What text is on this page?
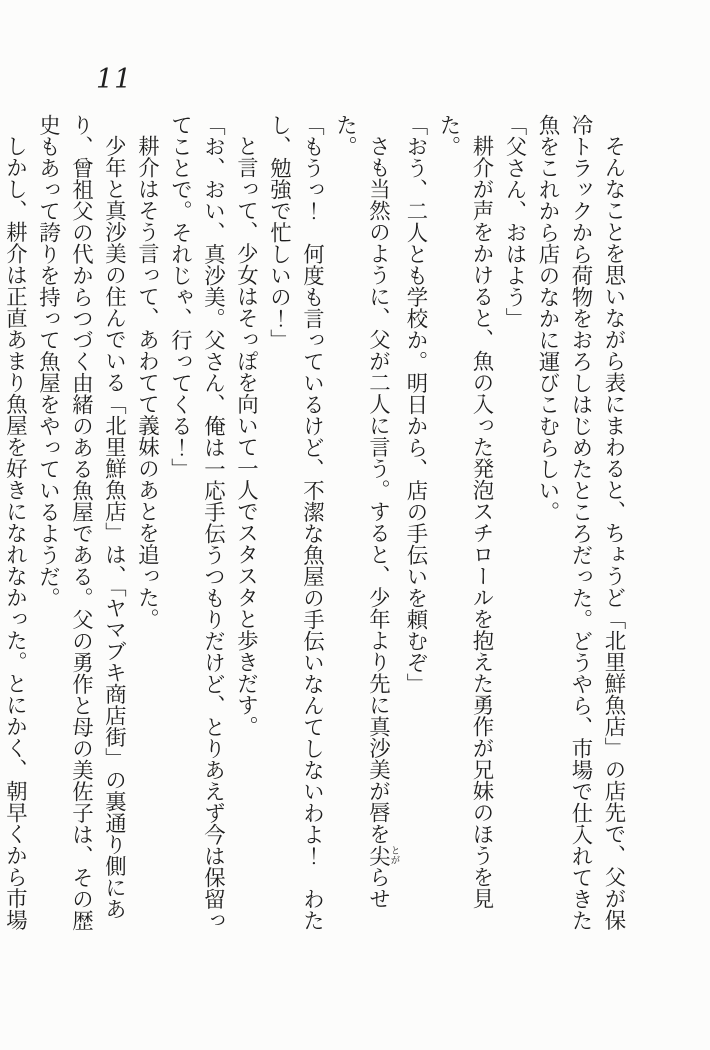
11
そんなことを思いながら表にまわると、ちょうど「北里鮮魚店」の店先で、父が保
冷トラックから荷物をおろしはじめたところだった。どうやら、市場で仕入れてきた
魚をこれから店のなかに運びこむらしい。
「父さん、おはよう」
耕介が声をかけると、魚の入った発泡スチロールを抱えた勇作が兄妹のほうを見た。
「おう、二人とも学校か。明日から、店の手伝いを頼むぞ」
さも当然のように、父が二人に言う。すると、少年より先に真沙美が唇を尖とがらせた。
「もうっ！　何度も言っているけど、不潔な魚屋の手伝いなんてしないわよ！　わた
し、勉強で忙しいの！」
と言って、少女はそっぽを向いて一人でスタスタと歩きだす。
「お、おい、真沙美。父さん、俺は一応手伝うつもりだけど、とりあえず今は保留っ
てことで。それじゃ、行ってくる！」
耕介はそう言って、あわてて義妹のあとを追った。
少年と真沙美の住んでいる「北里鮮魚店」は、「ヤマブキ商店街」の裏通り側にあ
り、曾祖父の代からつづく由緒のある魚屋である。父の勇作と母の美佐子は、その歴
史もあって誇りを持って魚屋をやっているようだ。
しかし、耕介は正直あまり魚屋を好きになれなかった。とにかく、朝早くから市場
